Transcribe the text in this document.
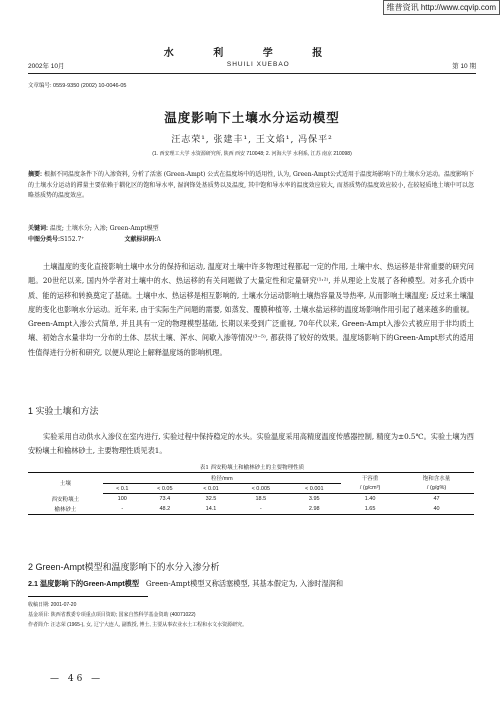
维普资讯 http://www.cqvip.com
水 利 学 报
2002年 10月	SHUILI XUEBAO	第 10 期
文章编号: 0559-9350 (2002) 10-0046-05
温度影响下土壤水分运动模型
汪志荣¹, 张建丰¹, 王文焰¹, 冯保平²
(1. 西安理工大学 水资源研究所, 陕西 西安 710048; 2. 河海大学 水利系, 江苏 南京 210098)
摘要: 根据不同温度条件下的入渗资料, 分析了活塞 (Green-Ampt) 公式在温度场中的适用性, 认为, Green-Ampt公式适用于温度场影响下的土壤水分运动。温度影响下的土壤水分运动的滞量主要依赖于耦化区的饱和导水率, 湿润锋处基质势以及温度, 其中饱和导水率的温度效应较大, 而基质势的温度效应较小, 在较轻质地土壤中可以忽略基质势的温度效应。
关键词: 温度; 土壤水分; 入渗; Green-Ampt模型
中图分类号:S152.7⁺	文献标识码:A
土壤温度的变化直接影响土壤中水分的保持和运动, 温度对土壤中许多物理过程都起一定的作用, 土壤中水、热运移是非常重要的研究问题。20世纪以来, 国内外学者对土壤中的水、热运移的有关问题做了大量定性和定量研究⁽¹˒²⁾, 并从理论上发展了各种模型。对多孔介质中质、能的运移和转换奠定了基础。土壤中水、热运移是相互影响的, 土壤水分运动影响土壤热容量及导热率, 从而影响土壤温度; 反过来土壤温度的变化也影响水分运动。近年来, 由于实际生产问题的需要, 如蒸发、覆膜种植等, 土壤水盐运移的温度场影响作用引起了越来越多的重视。Green-Ampt入渗公式简单, 并且具有一定的物理模型基础, 长期以来受到广泛重视, 70年代以来, Green-Ampt入渗公式被应用于非均质土壤、初始含水量非均一分布的土体、层状土壤、浑水、间歇入渗等情况⁽³⁻⁵⁾, 都获得了较好的效果。温度场影响下的Green-Ampt形式的适用性值得进行分析和研究, 以便从理论上解释温度场的影响机理。
1 实验土壤和方法
实验采用自动供水入渗仪在室内进行, 实验过程中保持稳定的水头。实验温度采用高精度温度传感器控制, 精度为±0.5℃。实验土壤为西安粉壤土和榆林砂土, 主要物理性质见表1。
表1 西安粉壤土和榆林砂土的主要物理性质
土壤	粒径/mm					干容重	饱和含水量
	< 0.1	< 0.05	< 0.01	< 0.005	< 0.001	/ (g/cm³)	/ (g/g%)
西安粉壤土	100	73.4	32.5	18.5	3.95	1.40	47
榆林砂土	-	48.2	14.1	-	2.98	1.65	40
2 Green-Ampt模型和温度影响下的水分入渗分析
2.1 温度影响下的Green-Ampt模型 Green-Ampt模型又称活塞模型, 其基本假定为, 入渗时湿润和
收稿日期: 2001-07-20
基金项目: 陕西省教委专项重点项目资助; 国家自然科学基金资助 (40071022)
作者简介: 汪志荣 (1965-), 女, 辽宁大连人, 副教授, 博士, 主要从事农业水土工程和水文水资源研究。
— 46 —
